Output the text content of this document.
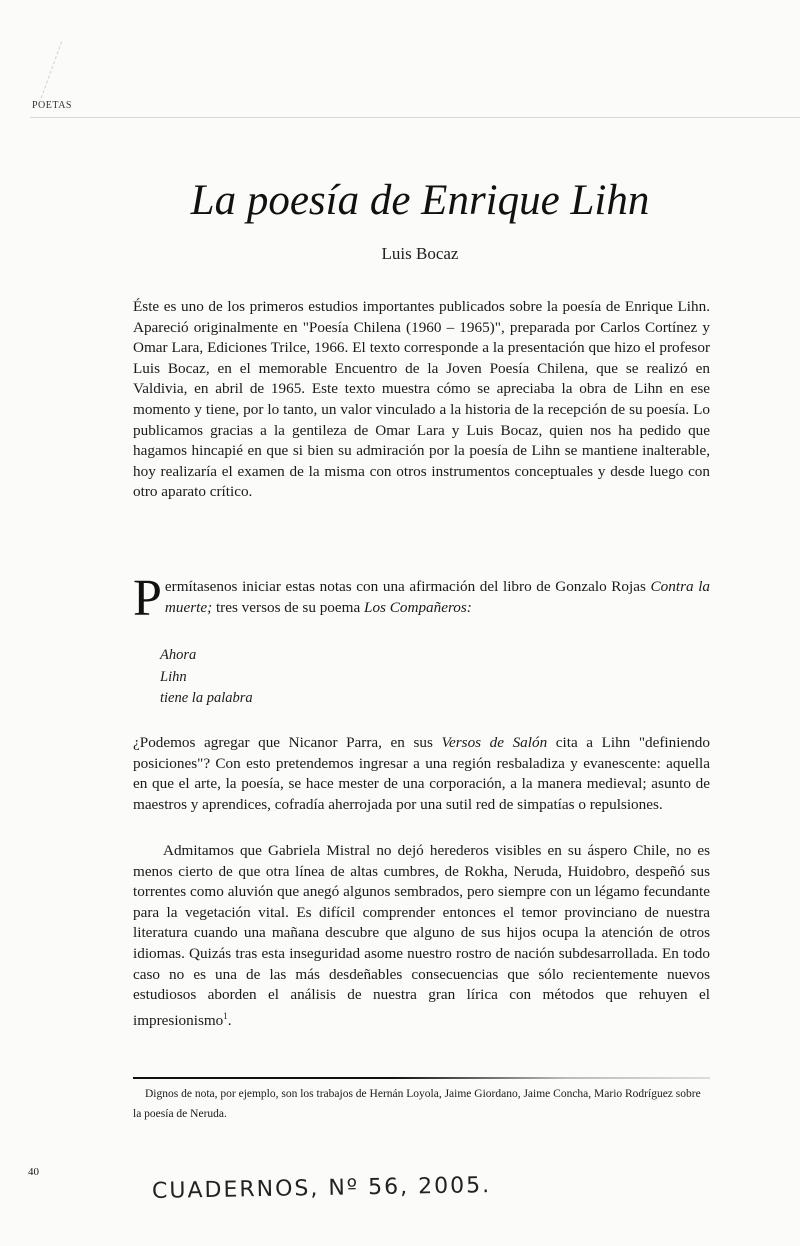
POETAS
La poesía de Enrique Lihn
Luis Bocaz

Éste es uno de los primeros estudios importantes publicados sobre la poesía de Enrique Lihn. Apareció originalmente en "Poesía Chilena (1960 – 1965)", preparada por Carlos Cortínez y Omar Lara, Ediciones Trilce, 1966. El texto corresponde a la presentación que hizo el profesor Luis Bocaz, en el memorable Encuentro de la Joven Poesía Chilena, que se realizó en Valdivia, en abril de 1965. Este texto muestra cómo se apreciaba la obra de Lihn en ese momento y tiene, por lo tanto, un valor vinculado a la historia de la recepción de su poesía. Lo publicamos gracias a la gentileza de Omar Lara y Luis Bocaz, quien nos ha pedido que hagamos hincapié en que si bien su admiración por la poesía de Lihn se mantiene inalterable, hoy realizaría el examen de la misma con otros instrumentos conceptuales y desde luego con otro aparato crítico.

Permítasenos iniciar estas notas con una afirmación del libro de Gonzalo Rojas Contra la muerte; tres versos de su poema Los Compañeros:

Ahora
Lihn
tiene la palabra

¿Podemos agregar que Nicanor Parra, en sus Versos de Salón cita a Lihn "definiendo posiciones"? Con esto pretendemos ingresar a una región resbaladiza y evanescente: aquella en que el arte, la poesía, se hace mester de una corporación, a la manera medieval; asunto de maestros y aprendices, cofradía aherrojada por una sutil red de simpatías o repulsiones.

Admitamos que Gabriela Mistral no dejó herederos visibles en su áspero Chile, no es menos cierto de que otra línea de altas cumbres, de Rokha, Neruda, Huidobro, despeñó sus torrentes como aluvión que anegó algunos sembrados, pero siempre con un légamo fecundante para la vegetación vital. Es difícil comprender entonces el temor provinciano de nuestra literatura cuando una mañana descubre que alguno de sus hijos ocupa la atención de otros idiomas. Quizás tras esta inseguridad asome nuestro rostro de nación subdesarrollada. En todo caso no es una de las más desdeñables consecuencias que sólo recientemente nuevos estudiosos aborden el análisis de nuestra gran lírica con métodos que rehuyen el impresionismo$^1$.

Dignos de nota, por ejemplo, son los trabajos de Hernán Loyola, Jaime Giordano, Jaime Concha, Mario Rodríguez sobre la poesía de Neruda.

40
CUADERNOS, Nº 56, 2005.
